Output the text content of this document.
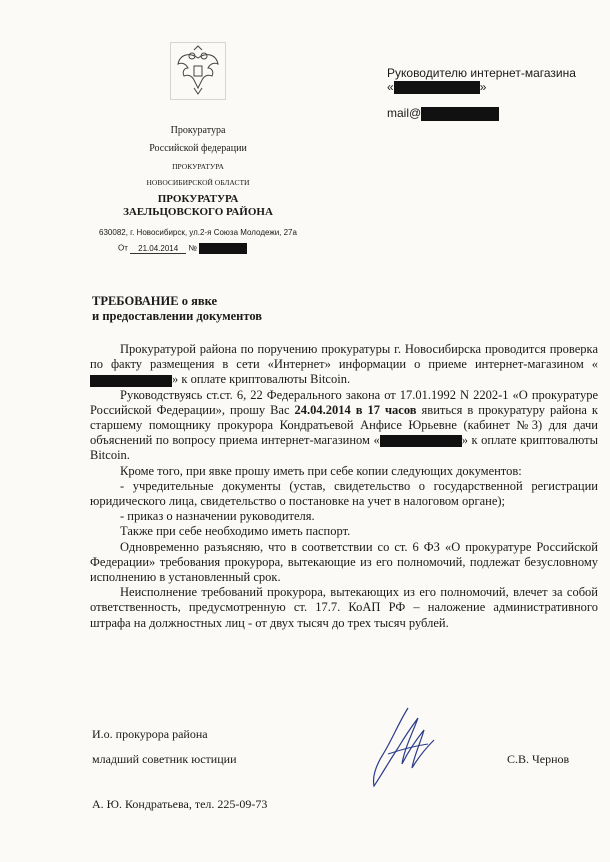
Прокуратура
Российской федерации
ПРОКУРАТУРА
НОВОСИБИРСКОЙ ОБЛАСТИ
ПРОКУРАТУРА
ЗАЕЛЬЦОВСКОГО РАЙОНА
630082, г. Новосибирск, ул.2-я Союза Молодежи, 27а
От 21.04.2014 №
Руководителю интернет-магазина
«	»
mail@
ТРЕБОВАНИЕ о явке
и предоставлении документов

Прокуратурой района по поручению прокуратуры г. Новосибирска проводится проверка по факту размещения в сети «Интернет» информации о приеме интернет-магазином «» к оплате криптовалюты Bitcoin.

Руководствуясь ст.ст. 6, 22 Федерального закона от 17.01.1992 N 2202-1 «О прокуратуре Российской Федерации», прошу Вас 24.04.2014 в 17 часов явиться в прокуратуру района к старшему помощнику прокурора Кондратьевой Анфисе Юрьевне (кабинет №3) для дачи объяснений по вопросу приема интернет-магазином «	» к оплате криптовалюты Bitcoin.

Кроме того, при явке прошу иметь при себе копии следующих документов:

- учредительные документы (устав, свидетельство о государственной регистрации юридического лица, свидетельство о постановке на учет в налоговом органе);

- приказ о назначении руководителя.

Также при себе необходимо иметь паспорт.

Одновременно разъясняю, что в соответствии со ст. 6 ФЗ «О прокуратуре Российской Федерации» требования прокурора, вытекающие из его полномочий, подлежат безусловному исполнению в установленный срок.

Неисполнение требований прокурора, вытекающих из его полномочий, влечет за собой ответственность, предусмотренную ст. 17.7. КоАП РФ – наложение административного штрафа на должностных лиц - от двух тысяч до трех тысяч рублей.

И.о. прокурора района
младший советник юстиции	С.В. Чернов
А. Ю. Кондратьева, тел. 225-09-73
